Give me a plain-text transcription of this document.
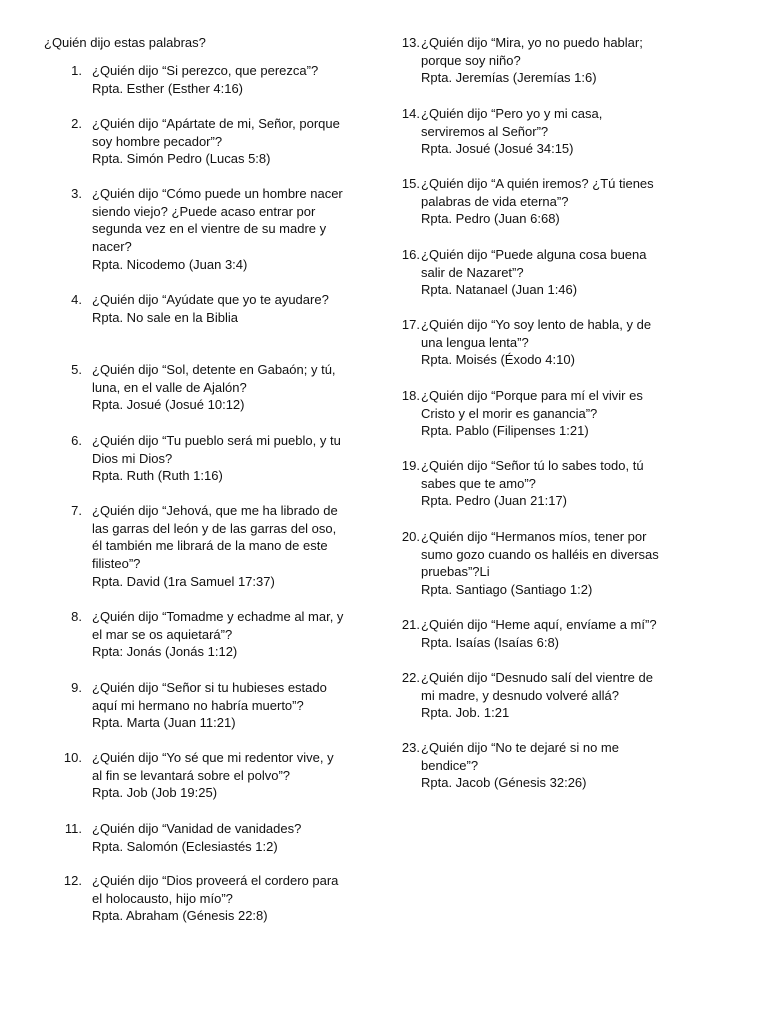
¿Quién dijo estas palabras?
1. ¿Quién dijo “Si perezco, que perezca”?
Rpta. Esther (Esther 4:16)
2. ¿Quién dijo “Apártate de mi, Señor, porque soy hombre pecador”?
Rpta. Simón Pedro (Lucas 5:8)
3. ¿Quién dijo “Cómo puede un hombre nacer siendo viejo? ¿Puede acaso entrar por segunda vez en el vientre de su madre y nacer?
Rpta. Nicodemo (Juan 3:4)
4. ¿Quién dijo “Ayúdate que yo te ayudare?
Rpta. No sale en la Biblia
5. ¿Quién dijo “Sol, detente en Gabaón; y tú, luna, en el valle de Ajalón?
Rpta. Josué (Josué 10:12)
6. ¿Quién dijo “Tu pueblo será mi pueblo, y tu Dios mi Dios?
Rpta. Ruth (Ruth 1:16)
7. ¿Quién dijo “Jehová, que me ha librado de las garras del león y de las garras del oso, él también me librará de la mano de este filisteo”?
Rpta. David (1ra Samuel 17:37)
8. ¿Quién dijo “Tomadme y echadme al mar, y el mar se os aquietará”?
Rpta: Jonás (Jonás 1:12)
9. ¿Quién dijo “Señor si tu hubieses estado aquí mi hermano no habría muerto”?
Rpta. Marta (Juan 11:21)
10. ¿Quién dijo “Yo sé que mi redentor vive, y al fin se levantará sobre el polvo”?
Rpta. Job (Job 19:25)
11. ¿Quién dijo “Vanidad de vanidades?
Rpta. Salomón (Eclesiastés 1:2)
12. ¿Quién dijo “Dios proveerá el cordero para el holocausto, hijo mío”?
Rpta. Abraham (Génesis 22:8)
13. ¿Quién dijo “Mira, yo no puedo hablar; porque soy niño?
Rpta. Jeremías (Jeremías 1:6)
14. ¿Quién dijo “Pero yo y mi casa, serviremos al Señor”?
Rpta. Josué (Josué 34:15)
15. ¿Quién dijo “A quién iremos? ¿Tú tienes palabras de vida eterna”?
Rpta. Pedro (Juan 6:68)
16. ¿Quién dijo “Puede alguna cosa buena salir de Nazaret”?
Rpta. Natanael (Juan 1:46)
17. ¿Quién dijo “Yo soy lento de habla, y de una lengua lenta”?
Rpta. Moisés (Éxodo 4:10)
18. ¿Quién dijo “Porque para mí el vivir es Cristo y el morir es ganancia”?
Rpta. Pablo (Filipenses 1:21)
19. ¿Quién dijo “Señor tú lo sabes todo, tú sabes que te amo”?
Rpta. Pedro (Juan 21:17)
20. ¿Quién dijo “Hermanos míos, tener por sumo gozo cuando os halléis en diversas pruebas”?Li
Rpta. Santiago (Santiago 1:2)
21. ¿Quién dijo “Heme aquí, envíame a mí”?
Rpta. Isaías (Isaías 6:8)
22. ¿Quién dijo “Desnudo salí del vientre de mi madre, y desnudo volveré allá?
Rpta. Job. 1:21
23. ¿Quién dijo “No te dejaré si no me bendice”?
Rpta. Jacob (Génesis 32:26)
